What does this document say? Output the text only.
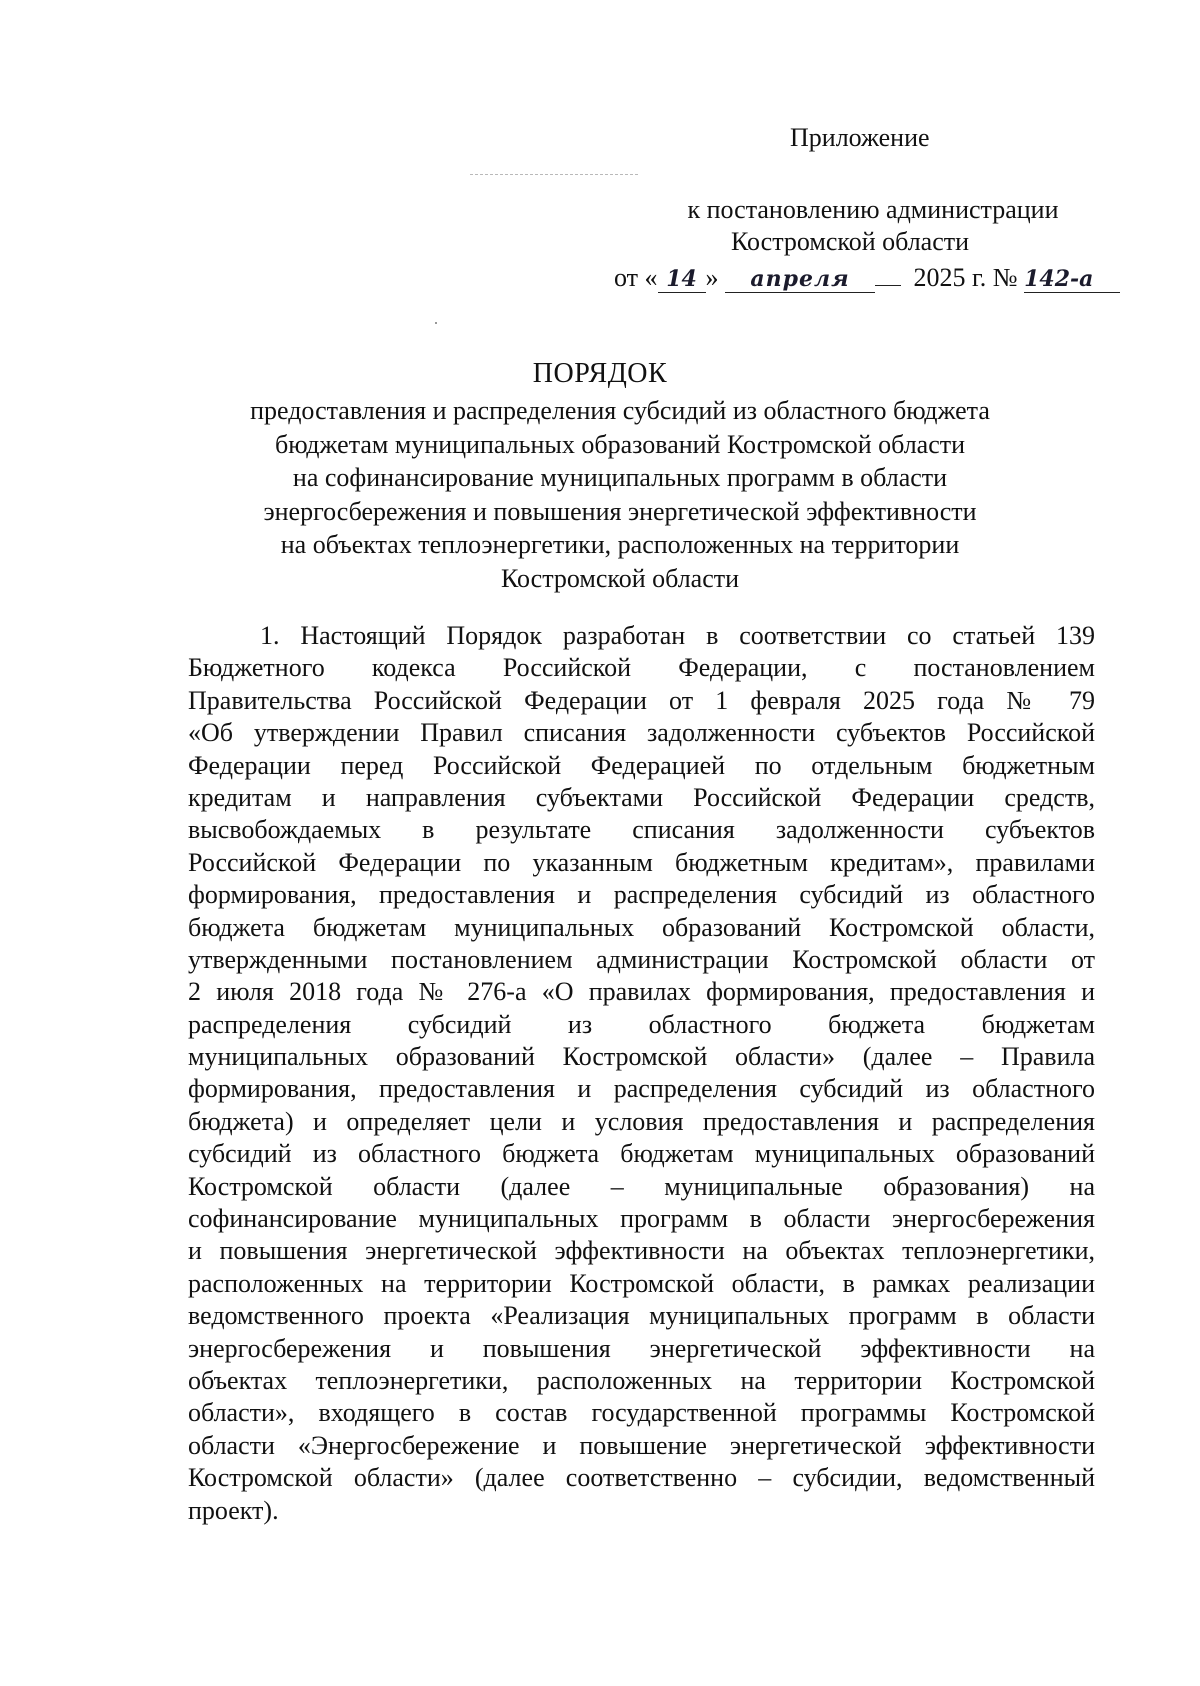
Приложение
к постановлению администрации
Костромской области
от « 14 » апреля 2025 г. № 142-а
ПОРЯДОК
предоставления и распределения субсидий из областного бюджета
бюджетам муниципальных образований Костромской области
на софинансирование муниципальных программ в области
энергосбережения и повышения энергетической эффективности
на объектах теплоэнергетики, расположенных на территории
Костромской области
1. Настоящий Порядок разработан в соответствии со статьей 139
Бюджетного кодекса Российской Федерации, с постановлением
Правительства Российской Федерации от 1 февраля 2025 года № 79
«Об утверждении Правил списания задолженности субъектов Российской
Федерации перед Российской Федерацией по отдельным бюджетным
кредитам и направления субъектами Российской Федерации средств,
высвобождаемых в результате списания задолженности субъектов
Российской Федерации по указанным бюджетным кредитам», правилами
формирования, предоставления и распределения субсидий из областного
бюджета бюджетам муниципальных образований Костромской области,
утвержденными постановлением администрации Костромской области от
2 июля 2018 года № 276-а «О правилах формирования, предоставления и
распределения субсидий из областного бюджета бюджетам
муниципальных образований Костромской области» (далее – Правила
формирования, предоставления и распределения субсидий из областного
бюджета) и определяет цели и условия предоставления и распределения
субсидий из областного бюджета бюджетам муниципальных образований
Костромской области (далее – муниципальные образования) на
софинансирование муниципальных программ в области энергосбережения
и повышения энергетической эффективности на объектах теплоэнергетики,
расположенных на территории Костромской области, в рамках реализации
ведомственного проекта «Реализация муниципальных программ в области
энергосбережения и повышения энергетической эффективности на
объектах теплоэнергетики, расположенных на территории Костромской
области», входящего в состав государственной программы Костромской
области «Энергосбережение и повышение энергетической эффективности
Костромской области» (далее соответственно – субсидии, ведомственный
проект).
